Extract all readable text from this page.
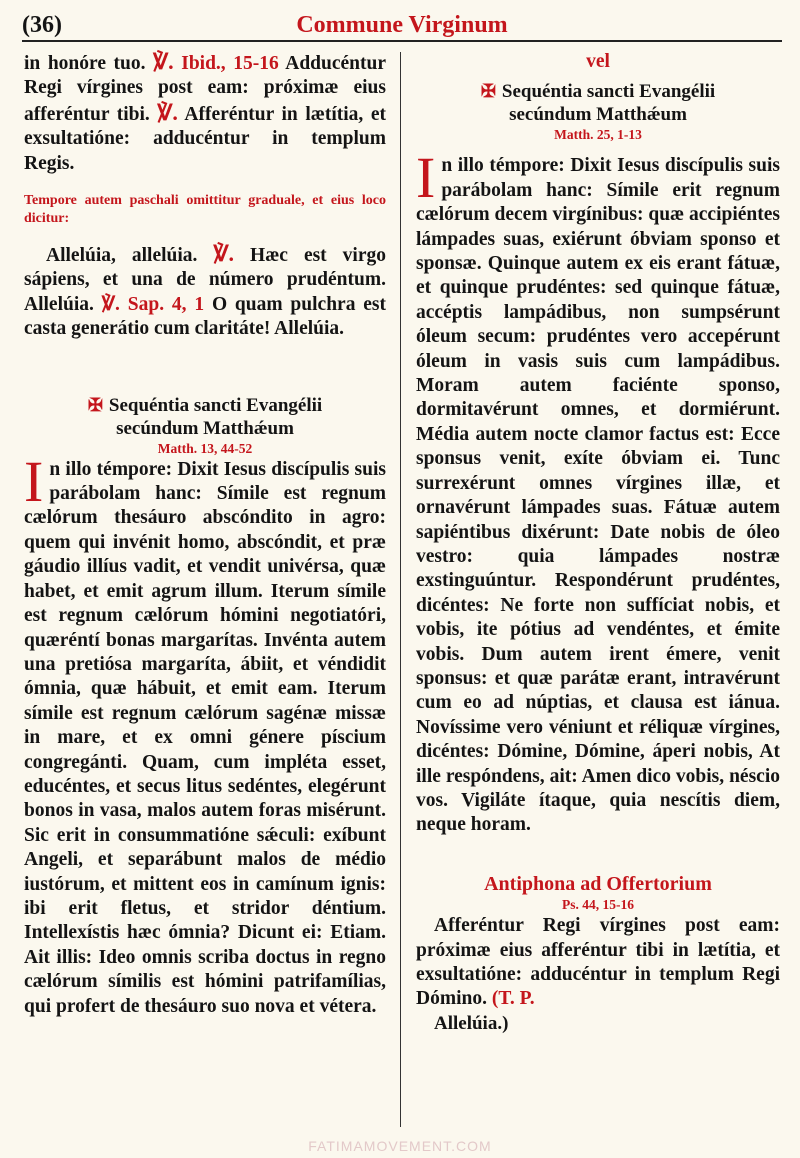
(36)	Commune Virginum

in honóre tuo. ℣. Ibid., 15-16 Adducéntur Regi vírgines post eam: próximæ eius afferéntur tibi. ℣. Afferéntur in lætítia, et exsultatióne: adducéntur in templum Regis.

Tempore autem paschali omittitur graduale, et eius loco dicitur:

Allelúia, allelúia. ℣. Hæc est virgo sápiens, et una de número prudéntum. Allelúia. ℣. Sap. 4, 1 O quam pulchra est casta generátio cum claritáte! Allelúia.

✠ Sequéntia sancti Evangélii
secúndum Matthǽum
Matth. 13, 44-52

In illo témpore: Dixit Iesus discípulis suis parábolam hanc: Símile est regnum cælórum thesáuro abscóndito in agro: quem qui invénit homo, abscóndit, et præ gáudio illíus vadit, et vendit univérsa, quæ habet, et emit agrum illum. Iterum símile est regnum cælórum hómini negotiatóri, quæréntí bonas margarítas. Invénta autem una pretiósa margaríta, ábiit, et véndidit ómnia, quæ hábuit, et emit eam. Iterum símile est regnum cælórum sagénæ missæ in mare, et ex omni génere píscium congregánti. Quam, cum impléta esset, educéntes, et secus litus sedéntes, elegérunt bonos in vasa, malos autem foras misérunt. Sic erit in consummatióne sǽculi: exíbunt Angeli, et separábunt malos de médio iustórum, et mittent eos in camínum ignis: ibi erit fletus, et stridor déntium. Intellexístis hæc ómnia? Dicunt ei: Etiam. Ait illis: Ideo omnis scriba doctus in regno cælórum símilis est hómini patrifamílias, qui profert de thesáuro suo nova et vétera.

vel
✠ Sequéntia sancti Evangélii
secúndum Matthǽum
Matth. 25, 1-13

In illo témpore: Dixit Iesus discípulis suis parábolam hanc: Símile erit regnum cælórum decem virgínibus: quæ accipiéntes lámpades suas, exiérunt óbviam sponso et sponsæ. Quinque autem ex eis erant fátuæ, et quinque prudéntes: sed quinque fátuæ, accéptis lampádibus, non sumpsérunt óleum secum: prudéntes vero accepérunt óleum in vasis suis cum lampádibus. Moram autem faciénte sponso, dormitavérunt omnes, et dormiérunt. Média autem nocte clamor factus est: Ecce sponsus venit, exíte óbviam ei. Tunc surrexérunt omnes vírgines illæ, et ornavérunt lámpades suas. Fátuæ autem sapiéntibus dixérunt: Date nobis de óleo vestro: quia lámpades nostræ exstinguúntur. Respondérunt prudéntes, dicéntes: Ne forte non suffíciat nobis, et vobis, ite pótius ad vendéntes, et émite vobis. Dum autem irent émere, venit sponsus: et quæ parátæ erant, intravérunt cum eo ad núptias, et clausa est iánua. Novíssime vero véniunt et réliquæ vírgines, dicéntes: Dómine, Dómine, áperi nobis, At ille respóndens, ait: Amen dico vobis, néscio vos. Vigiláte ítaque, quia nescítis diem, neque horam.

Antiphona ad Offertorium
Ps. 44, 15-16

Afferéntur Regi vírgines post eam: próximæ eius afferéntur tibi in lætítia, et exsultatióne: adducéntur in templum Regi Dómino. (T. P.
Allelúia.)

FATIMAMOVEMENT.COM
